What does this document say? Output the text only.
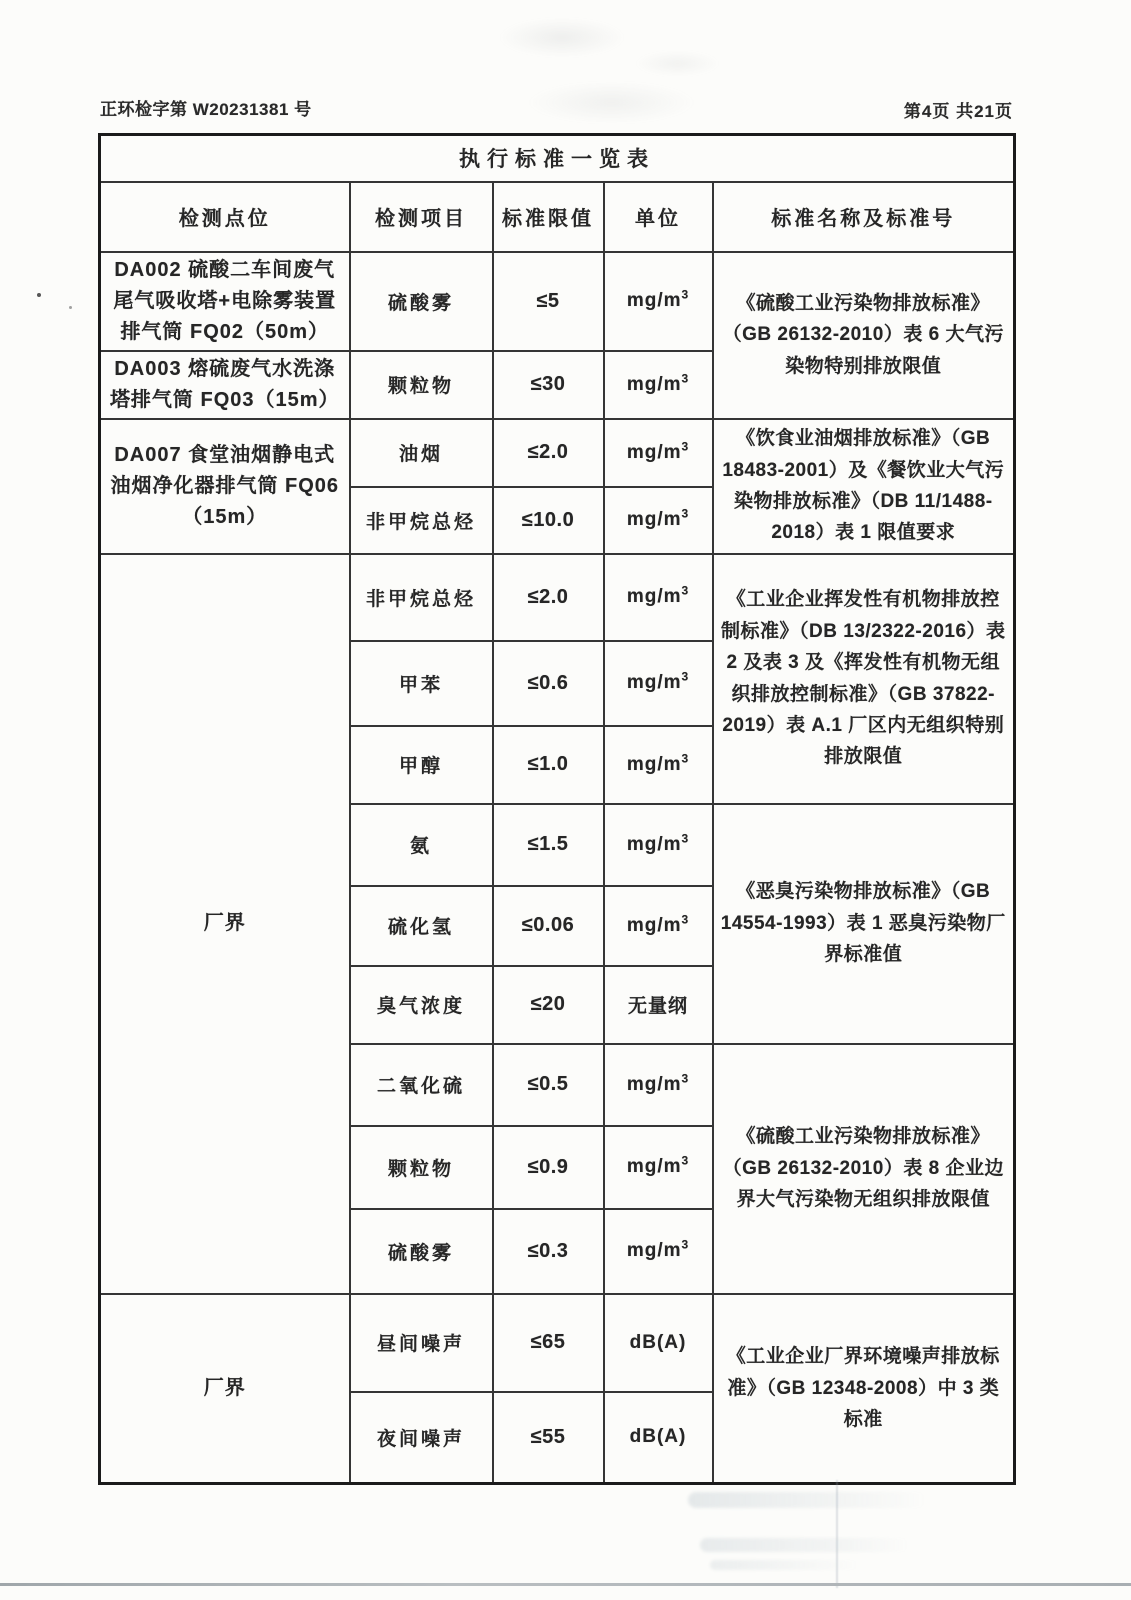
正环检字第 W20231381 号	第4页 共21页
执行标准一览表				
检测点位	检测项目	标准限值	单位	标准名称及标准号
DA002 硫酸二车间废气尾气吸收塔+电除雾装置排气筒 FQ02（50m）	硫酸雾	≤5	$mg/m^3$	《硫酸工业污染物排放标准》（GB 26132-2010）表 6 大气污染物特别排放限值
DA003 熔硫废气水洗涤塔排气筒 FQ03（15m）	颗粒物	≤30	$mg/m^3$
DA007 食堂油烟静电式油烟净化器排气筒 FQ06（15m）	油烟	≤2.0	$mg/m^3$	《饮食业油烟排放标准》（GB 18483-2001）及《餐饮业大气污染物排放标准》（DB 11/1488-2018）表 1 限值要求
	非甲烷总烃	≤10.0	$mg/m^3$
厂界	非甲烷总烃	≤2.0	$mg/m^3$	《工业企业挥发性有机物排放控制标准》（DB 13/2322-2016）表 2 及表 3 及《挥发性有机物无组织排放控制标准》（GB 37822-2019）表 A.1 厂区内无组织特别排放限值
	甲苯	≤0.6	$mg/m^3$
	甲醇	≤1.0	$mg/m^3$
	氨	≤1.5	$mg/m^3$	《恶臭污染物排放标准》（GB 14554-1993）表 1 恶臭污染物厂界标准值
	硫化氢	≤0.06	$mg/m^3$
	臭气浓度	≤20	无量纲	
	二氧化硫	≤0.5	$mg/m^3$	《硫酸工业污染物排放标准》（GB 26132-2010）表 8 企业边界大气污染物无组织排放限值
	颗粒物	≤0.9	$mg/m^3$
	硫酸雾	≤0.3	$mg/m^3$
厂界	昼间噪声	≤65	dB(A)	《工业企业厂界环境噪声排放标准》（GB 12348-2008）中 3 类标准
	夜间噪声	≤55	dB(A)	
